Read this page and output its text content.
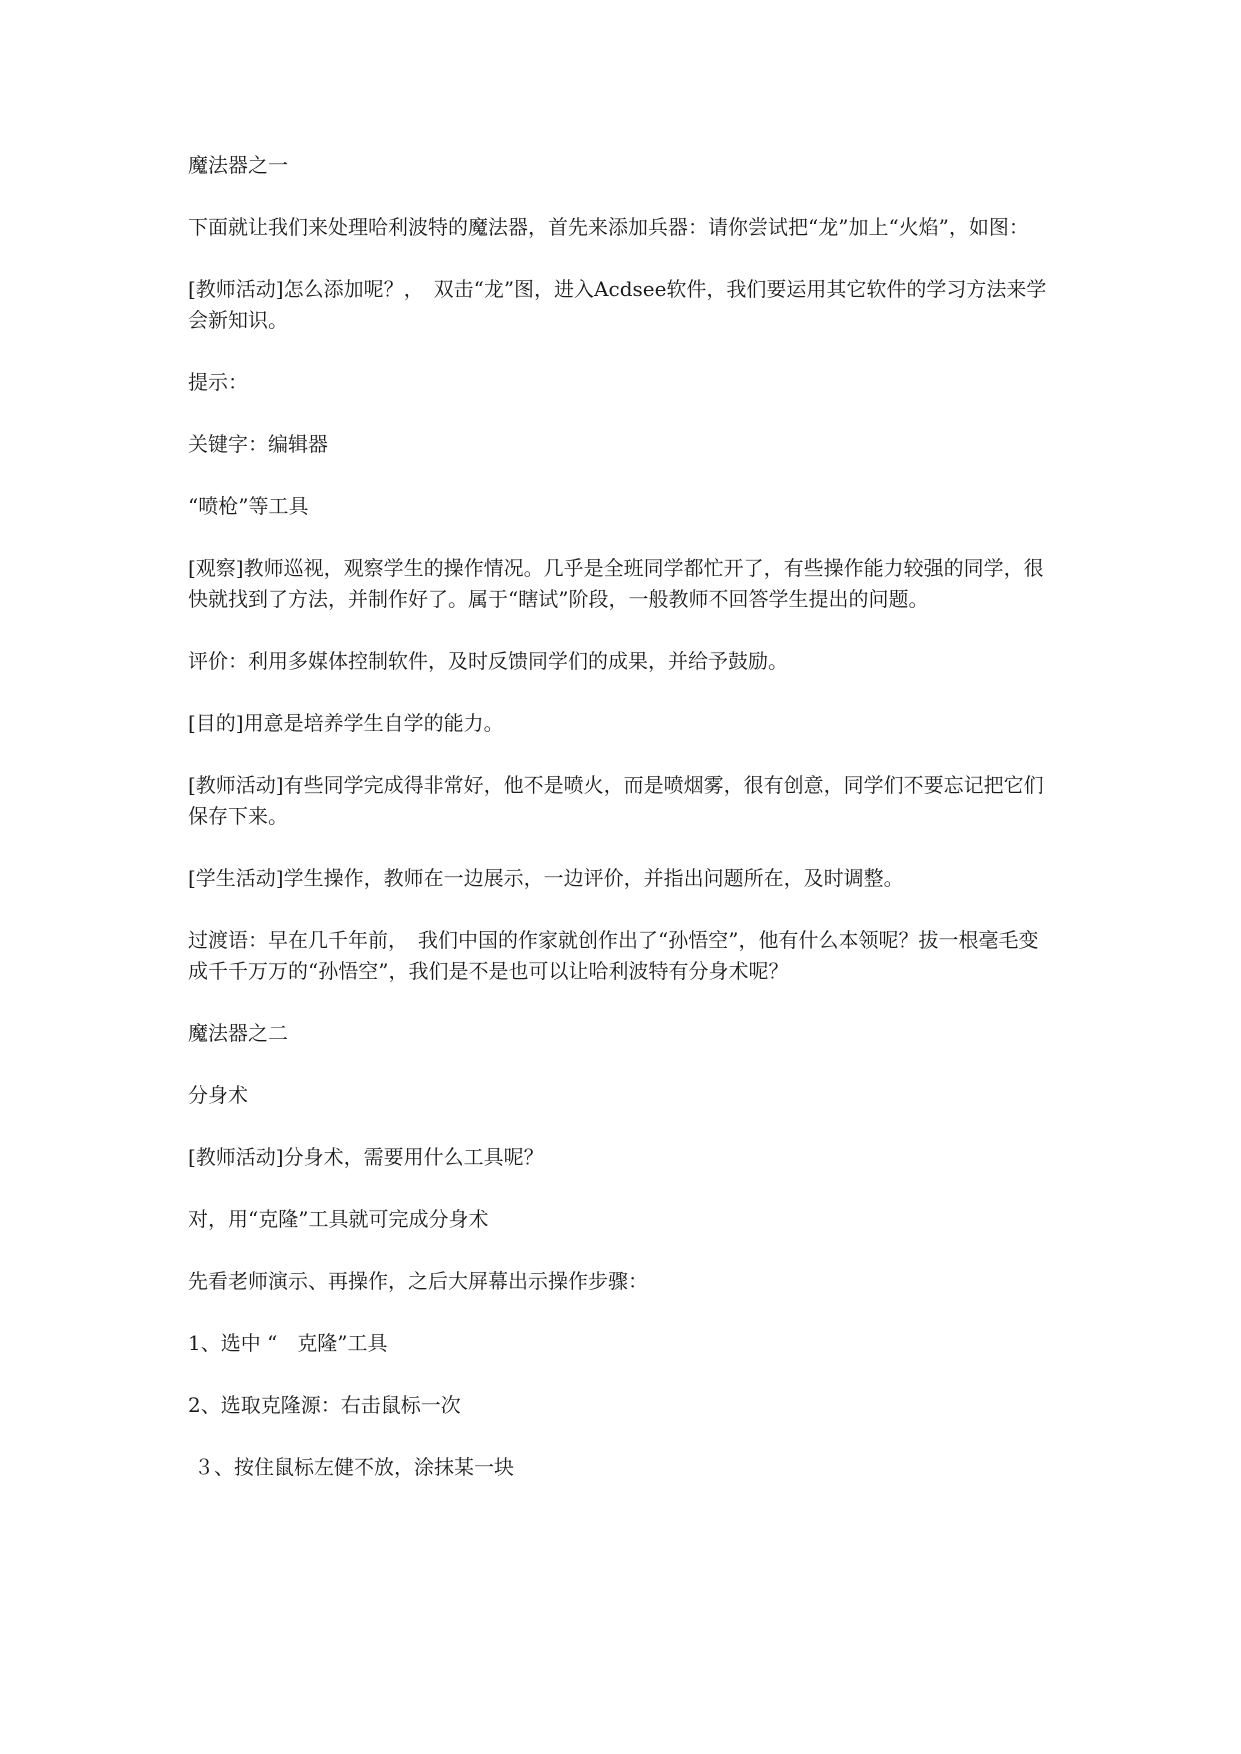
魔法器之一

下面就让我们来处理哈利波特的魔法器，首先来添加兵器：请你尝试把“龙”加上“火焰”，如图：

[教师活动]怎么添加呢？，　双击“龙”图，进入Acdsee软件，我们要运用其它软件的学习方法来学会新知识。

提示：

关键字：编辑器

“喷枪”等工具

[观察]教师巡视，观察学生的操作情况。几乎是全班同学都忙开了，有些操作能力较强的同学，很快就找到了方法，并制作好了。属于“瞎试”阶段，一般教师不回答学生提出的问题。

评价：利用多媒体控制软件，及时反馈同学们的成果，并给予鼓励。

[目的]用意是培养学生自学的能力。

[教师活动]有些同学完成得非常好，他不是喷火，而是喷烟雾，很有创意，同学们不要忘记把它们保存下来。

[学生活动]学生操作，教师在一边展示，一边评价，并指出问题所在，及时调整。

过渡语：早在几千年前，　我们中国的作家就创作出了“孙悟空”，他有什么本领呢？拔一根毫毛变成千千万万的“孙悟空”，我们是不是也可以让哈利波特有分身术呢？

魔法器之二

分身术

[教师活动]分身术，需要用什么工具呢？

对，用“克隆”工具就可完成分身术

先看老师演示、再操作，之后大屏幕出示操作步骤：

1、选中 “　克隆”工具

2、选取克隆源：右击鼠标一次

３、按住鼠标左健不放，涂抹某一块
